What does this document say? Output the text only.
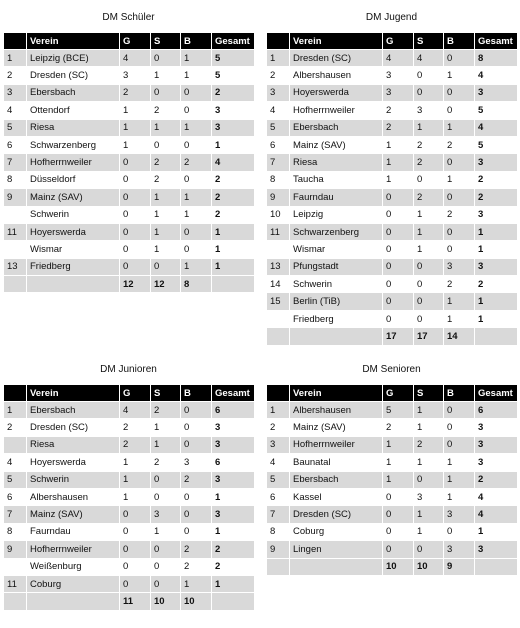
DM Schüler
	Verein	G	S	B	Gesamt
1	Leipzig (BCE)	4	0	1	5
2	Dresden (SC)	3	1	1	5
3	Ebersbach	2	0	0	2
4	Ottendorf	1	2	0	3
5	Riesa	1	1	1	3
6	Schwarzenberg	1	0	0	1
7	Hofherrnweiler	0	2	2	4
8	Düsseldorf	0	2	0	2
9	Mainz (SAV)	0	1	1	2
	Schwerin	0	1	1	2
11	Hoyerswerda	0	1	0	1
	Wismar	0	1	0	1
13	Friedberg	0	0	1	1
		12	12	8	
DM Jugend
	Verein	G	S	B	Gesamt
1	Dresden (SC)	4	4	0	8
2	Albershausen	3	0	1	4
3	Hoyerswerda	3	0	0	3
4	Hofherrnweiler	2	3	0	5
5	Ebersbach	2	1	1	4
6	Mainz (SAV)	1	2	2	5
7	Riesa	1	2	0	3
8	Taucha	1	0	1	2
9	Faurndau	0	2	0	2
10	Leipzig	0	1	2	3
11	Schwarzenberg	0	1	0	1
	Wismar	0	1	0	1
13	Pfungstadt	0	0	3	3
14	Schwerin	0	0	2	2
15	Berlin (TiB)	0	0	1	1
	Friedberg	0	0	1	1
		17	17	14	
DM Junioren
	Verein	G	S	B	Gesamt
1	Ebersbach	4	2	0	6
2	Dresden (SC)	2	1	0	3
	Riesa	2	1	0	3
4	Hoyerswerda	1	2	3	6
5	Schwerin	1	0	2	3
6	Albershausen	1	0	0	1
7	Mainz (SAV)	0	3	0	3
8	Faurndau	0	1	0	1
9	Hofherrnweiler	0	0	2	2
	Weißenburg	0	0	2	2
11	Coburg	0	0	1	1
		11	10	10	
DM Senioren
	Verein	G	S	B	Gesamt
1	Albershausen	5	1	0	6
2	Mainz (SAV)	2	1	0	3
3	Hofherrnweiler	1	2	0	3
4	Baunatal	1	1	1	3
5	Ebersbach	1	0	1	2
6	Kassel	0	3	1	4
7	Dresden (SC)	0	1	3	4
8	Coburg	0	1	0	1
9	Lingen	0	0	3	3
		10	10	9	
